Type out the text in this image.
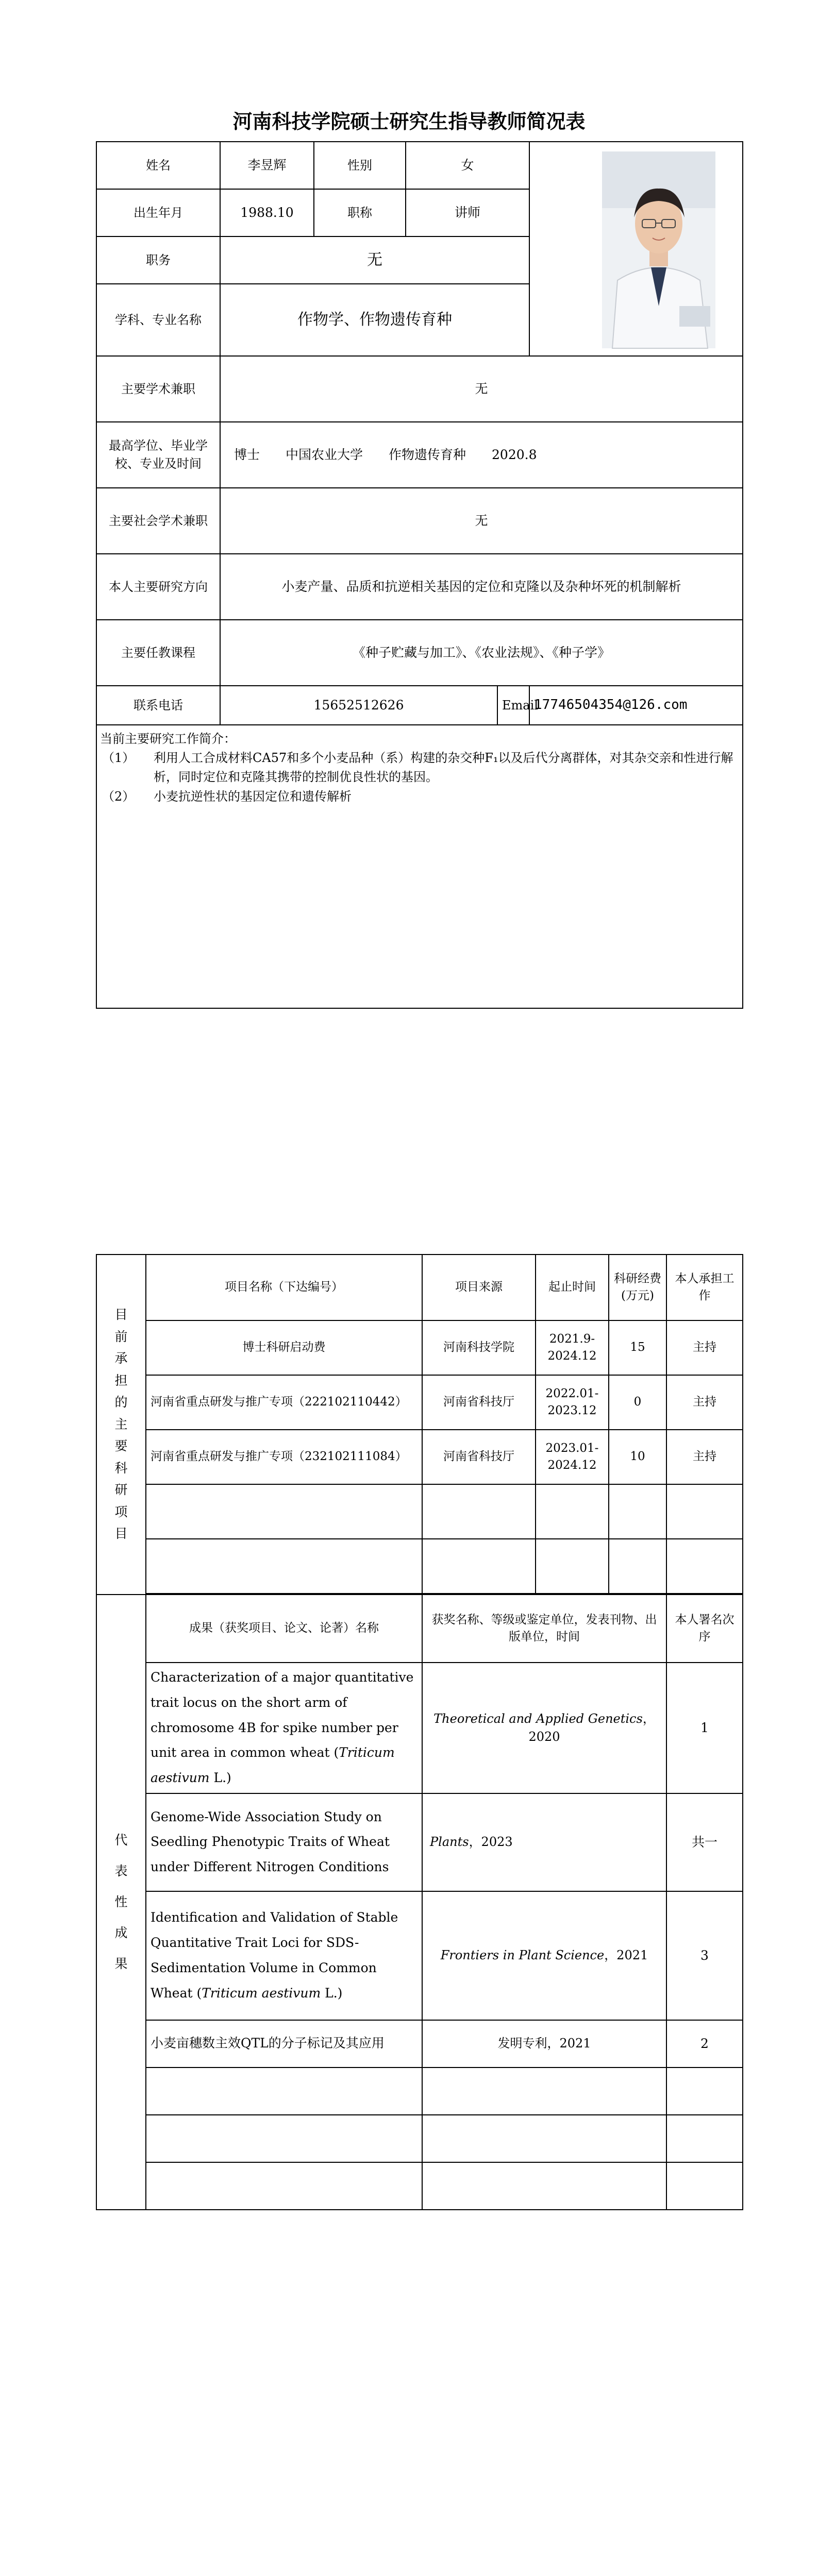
河南科技学院硕士研究生指导教师简况表
姓名	李昱辉	性别	女	

出生年月	1988.10	职称	讲师		
职务	无				
学科、专业名称	作物学、作物遗传育种				
主要学术兼职	无				
最高学位、毕业学校、专业及时间	博士　　中国农业大学　　作物遗传育种　　2020.8				
主要社会学术兼职	无				
本人主要研究方向	小麦产量、品质和抗逆相关基因的定位和克隆以及杂种坏死的机制解析				
主要任教课程	《种子贮藏与加工》、《农业法规》、《种子学》				
联系电话	15652512626			Email	17746504354@126.com

当前主要研究工作简介：
（1） 利用人工合成材料CA57和多个小麦品种（系）构建的杂交种F₁以及后代分离群体，对其杂交亲和性进行解析，同时定位和克隆其携带的控制优良性状的基因。
（2） 小麦抗逆性状的基因定位和遗传解析					
目前承担的主要科研项目	项目名称（下达编号）	项目来源	起止时间	科研经费(万元)	本人承担工作
	博士科研启动费	河南科技学院	2021.9-2024.12	15	主持
	河南省重点研发与推广专项（222102110442）	河南省科技厅	2022.01-2023.12	0	主持
	河南省重点研发与推广专项（232102111084）	河南省科技厅	2023.01-2024.12	10	主持

代表性成果	成果（获奖项目、论文、论著）名称	获奖名称、等级或鉴定单位，发表刊物、出版单位，时间			本人署名次序
	Characterization of a major quantitative trait locus on the short arm of chromosome 4B for spike number per unit area in common wheat (Triticum aestivum L.)	Theoretical and Applied Genetics，2020			1
	Genome-Wide Association Study on Seedling Phenotypic Traits of Wheat under Different Nitrogen Conditions	Plants，2023			共一
	Identification and Validation of Stable Quantitative Trait Loci for SDS-Sedimentation Volume in Common Wheat (Triticum aestivum L.)	Frontiers in Plant Science，2021			3
	小麦亩穗数主效QTL的分子标记及其应用	发明专利，2021			2
